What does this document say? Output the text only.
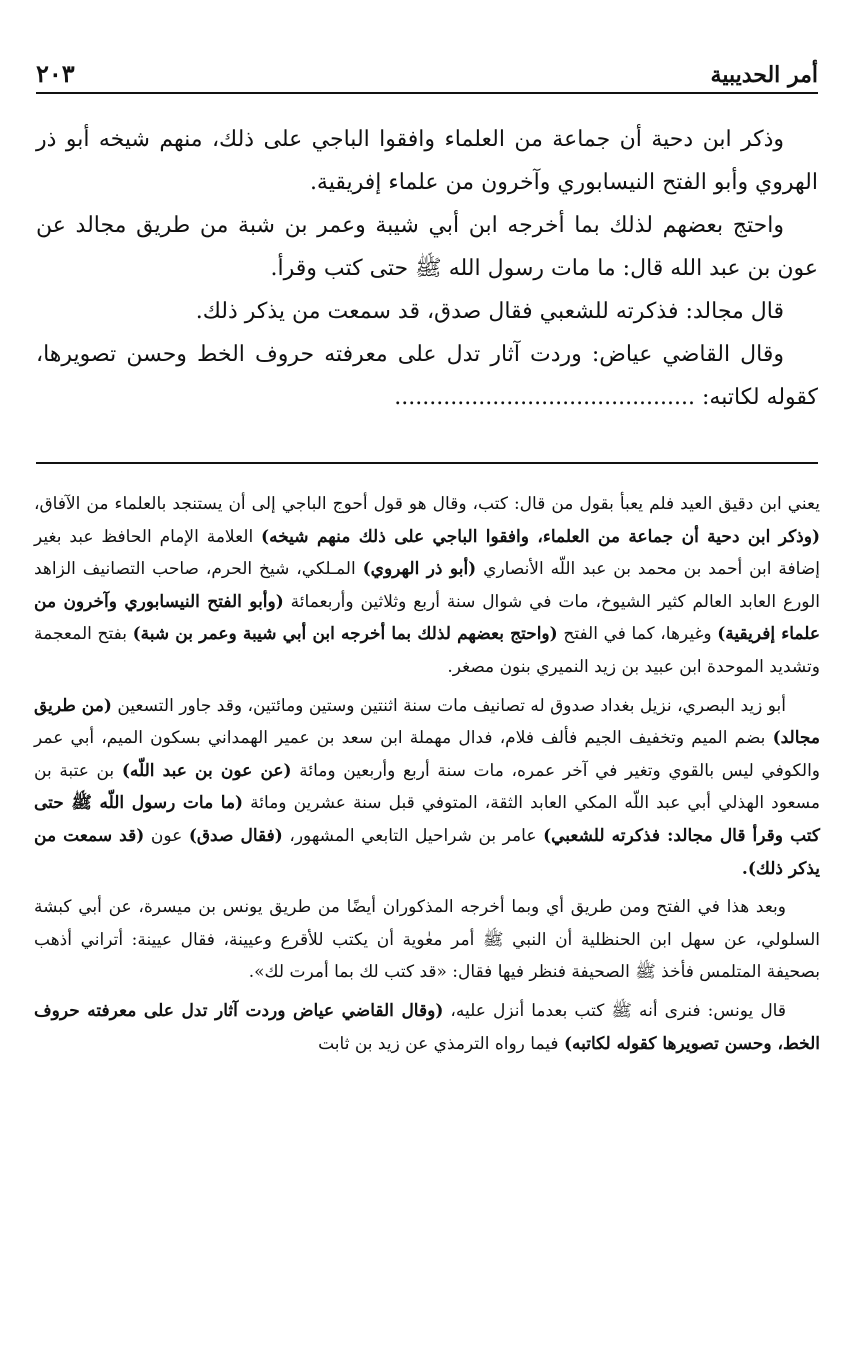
أمر الحديبية
٢٠٣

وذكر ابن دحية أن جماعة من العلماء وافقوا الباجي على ذلك، منهم شيخه أبو ذر الهروي وأبو الفتح النيسابوري وآخرون من علماء إفريقية.

واحتج بعضهم لذلك بما أخرجه ابن أبي شيبة وعمر بن شبة من طريق مجالد عن عون بن عبد الله قال: ما مات رسول الله ﷺ حتى كتب وقرأ.

قال مجالد: فذكرته للشعبي فقال صدق، قد سمعت من يذكر ذلك.

وقال القاضي عياض: وردت آثار تدل على معرفته حروف الخط وحسن تصويرها، كقوله لكاتبه: ...........................................

يعني ابن دقيق العيد فلم يعبأ بقول من قال: كتب، وقال هو قول أحوج الباجي إلى أن يستنجد بالعلماء من الآفاق، (وذكر ابن دحية أن جماعة من العلماء، وافقوا الباجي على ذلك منهم شيخه) العلامة الإمام الحافظ عبد بغير إضافة ابن أحمد بن محمد بن عبد اللّه الأنصاري (أبو ذر الهروي) المـلكي، شيخ الحرم، صاحب التصانيف الزاهد الورع العابد العالم كثير الشيوخ، مات في شوال سنة أربع وثلاثين وأربعمائة (وأبو الفتح النيسابوري وآخرون من علماء إفريقية) وغيرها، كما في الفتح (واحتج بعضهم لذلك بما أخرجه ابن أبي شيبة وعمر بن شبة) بفتح المعجمة وتشديد الموحدة ابن عبيد بن زيد النميري بنون مصغر.

أبو زيد البصري، نزيل بغداد صدوق له تصانيف مات سنة اثنتين وستين ومائتين، وقد جاور التسعين (من طريق مجالد) بضم الميم وتخفيف الجيم فألف فلام، فدال مهملة ابن سعد بن عمير الهمداني بسكون الميم، أبي عمر والكوفي ليس بالقوي وتغير في آخر عمره، مات سنة أربع وأربعين ومائة (عن عون بن عبد اللّه) بن عتبة بن مسعود الهذلي أبي عبد اللّه المكي العابد الثقة، المتوفي قبل سنة عشرين ومائة (ما مات رسول اللّه ﷺ حتى كتب وقرأ قال مجالد: فذكرته للشعبي) عامر بن شراحيل التابعي المشهور، (فقال صدق) عون (قد سمعت من يذكر ذلك).

وبعد هذا في الفتح ومن طريق أي وبما أخرجه المذكوران أيضًا من طريق يونس بن ميسرة، عن أبي كبشة السلولي، عن سهل ابن الحنظلية أن النبي ﷺ أمر معٰوية أن يكتب للأقرع وعيينة، فقال عيينة: أتراني أذهب بصحيفة المتلمس فأخذ ﷺ الصحيفة فنظر فيها فقال: «قد كتب لك بما أمرت لك».

قال يونس: فنرى أنه ﷺ كتب بعدما أنزل عليه، (وقال القاضي عياض وردت آثار تدل على معرفته حروف الخط، وحسن تصويرها كقوله لكاتبه) فيما رواه الترمذي عن زيد بن ثابت
